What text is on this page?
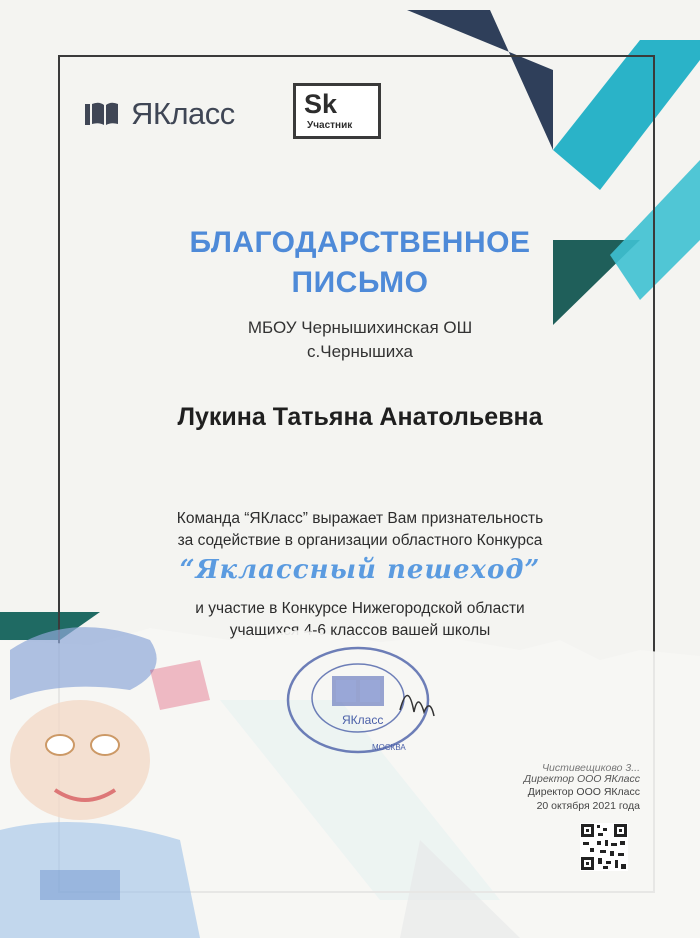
ЯКласс	Sk
Участник
БЛАГОДАРСТВЕННОЕ
ПИСЬМО
МБОУ Чернышихинская ОШ
с.Чернышиха
Лукина Татьяна Анатольевна
Команда “ЯКласс” выражает Вам признательность
за содействие в организации областного Конкурса
“Яклассный пешеход”
и участие в Конкурсе Нижегородской области
учащихся 4-6 классов вашей школы
ЯКласс
МОСКВА
Чистивещиково 3...
Директор ООО ЯКласс
Директор ООО ЯКласс
20 октября 2021 года
